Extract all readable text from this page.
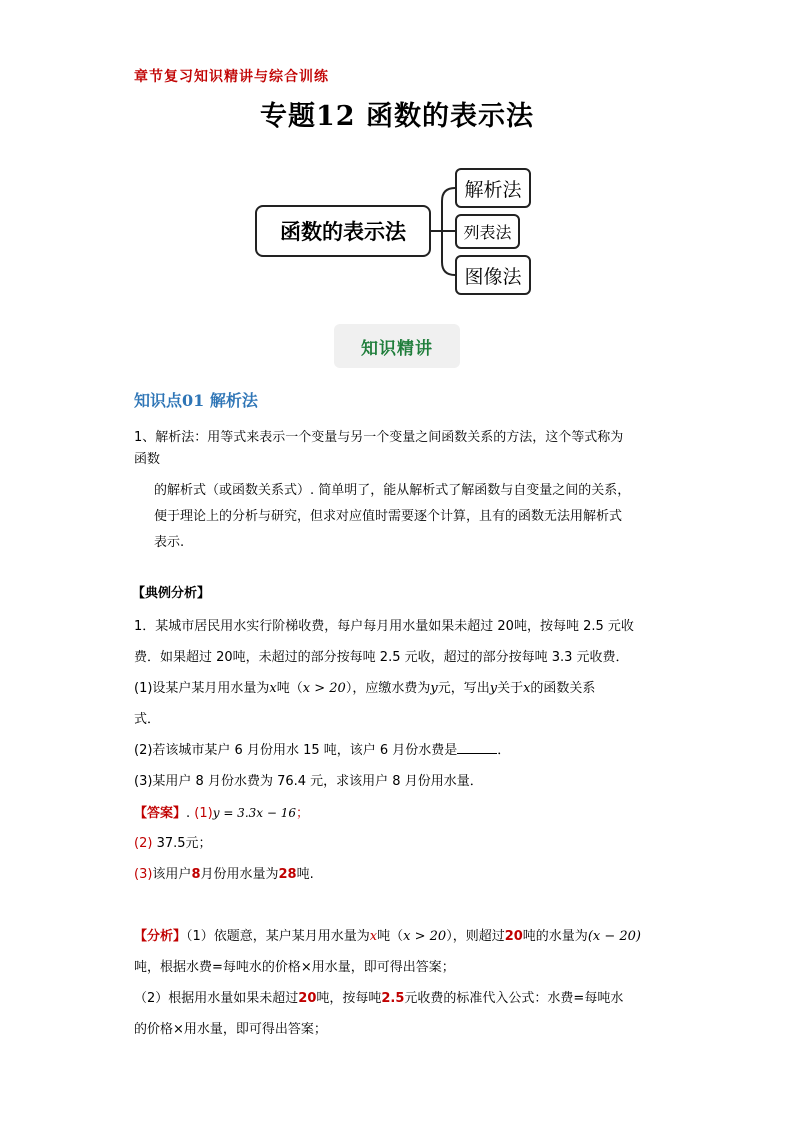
章节复习知识精讲与综合训练
专题12 函数的表示法
函数的表示法
解析法
列表法
图像法
知识精讲
知识点01 解析法
1、解析法：用等式来表示一个变量与另一个变量之间函数关系的方法，这个等式称为
函数
的解析式（或函数关系式）. 简单明了，能从解析式了解函数与自变量之间的关系，
便于理论上的分析与研究，但求对应值时需要逐个计算，且有的函数无法用解析式
表示.
【典例分析】
1．某城市居民用水实行阶梯收费，每户每月用水量如果未超过 20吨，按每吨 2.5 元收
费．如果超过 20吨，未超过的部分按每吨 2.5 元收，超过的部分按每吨 3.3 元收费．
(1)设某户某月用水量为x吨（x > 20），应缴水费为y元，写出y关于x的函数关系
式．
(2)若该城市某户 6 月份用水 15 吨，该户 6 月份水费是	．
(3)某用户 8 月份水费为 76.4 元，求该用户 8 月份用水量．
【答案】. (1)y = 3.3x − 16；
(2) 37.5元；
(3)该用户8月份用水量为28吨.
【分析】（1）依题意，某户某月用水量为x吨（x > 20），则超过20吨的水量为(x − 20)
吨，根据水费=每吨水的价格×用水量，即可得出答案；
（2）根据用水量如果未超过20吨，按每吨2.5元收费的标准代入公式：水费=每吨水
的价格×用水量，即可得出答案；
